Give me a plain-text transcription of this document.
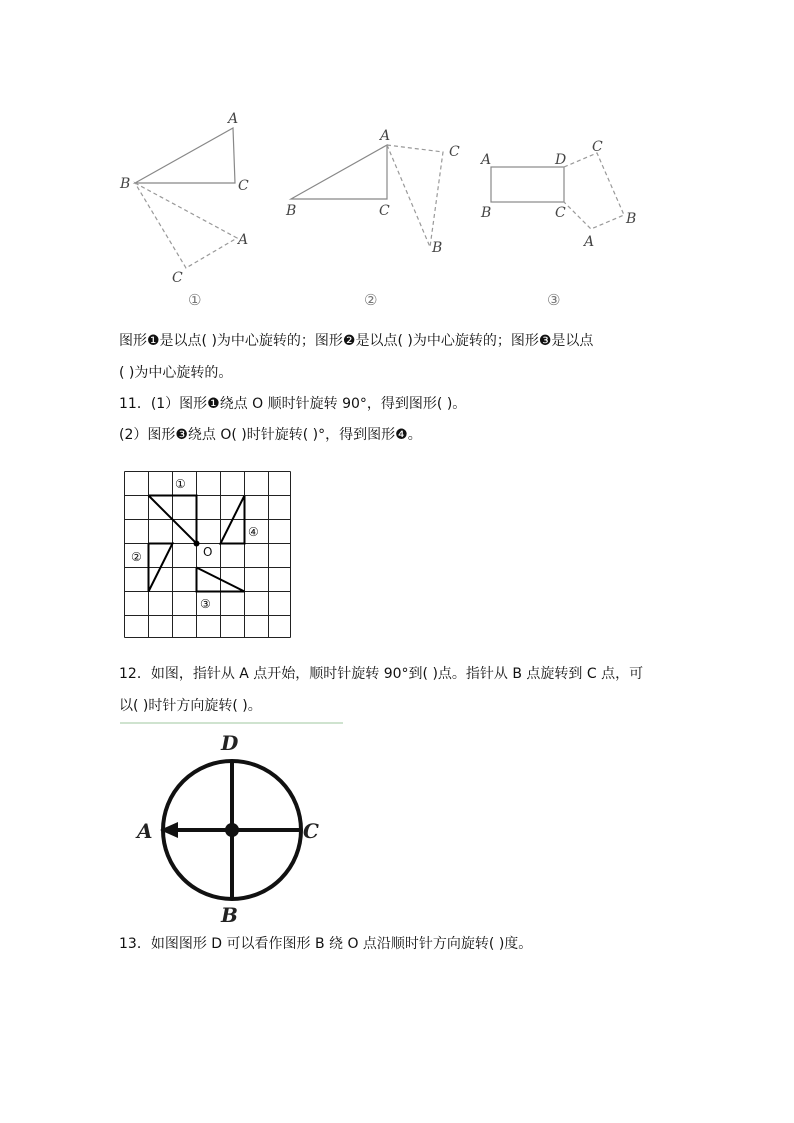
A
B	C
A
C
①
A
B	C
C
B
②
A
B	C
D
C
B
A
③
图形❶是以点( )为中心旋转的；图形❷是以点( )为中心旋转的；图形❸是以点
( )为中心旋转的。
11．(1）图形❶绕点 O 顺时针旋转 90°，得到图形( )。
(2）图形❸绕点 O( )时针旋转( )°，得到图形❹。
①
②
③
④
O
12．如图，指针从 A 点开始，顺时针旋转 90°到( )点。指针从 B 点旋转到 C 点，可
以( )时针方向旋转( )。
D
A	C
B
13．如图图形 D 可以看作图形 B 绕 O 点沿顺时针方向旋转( )度。
